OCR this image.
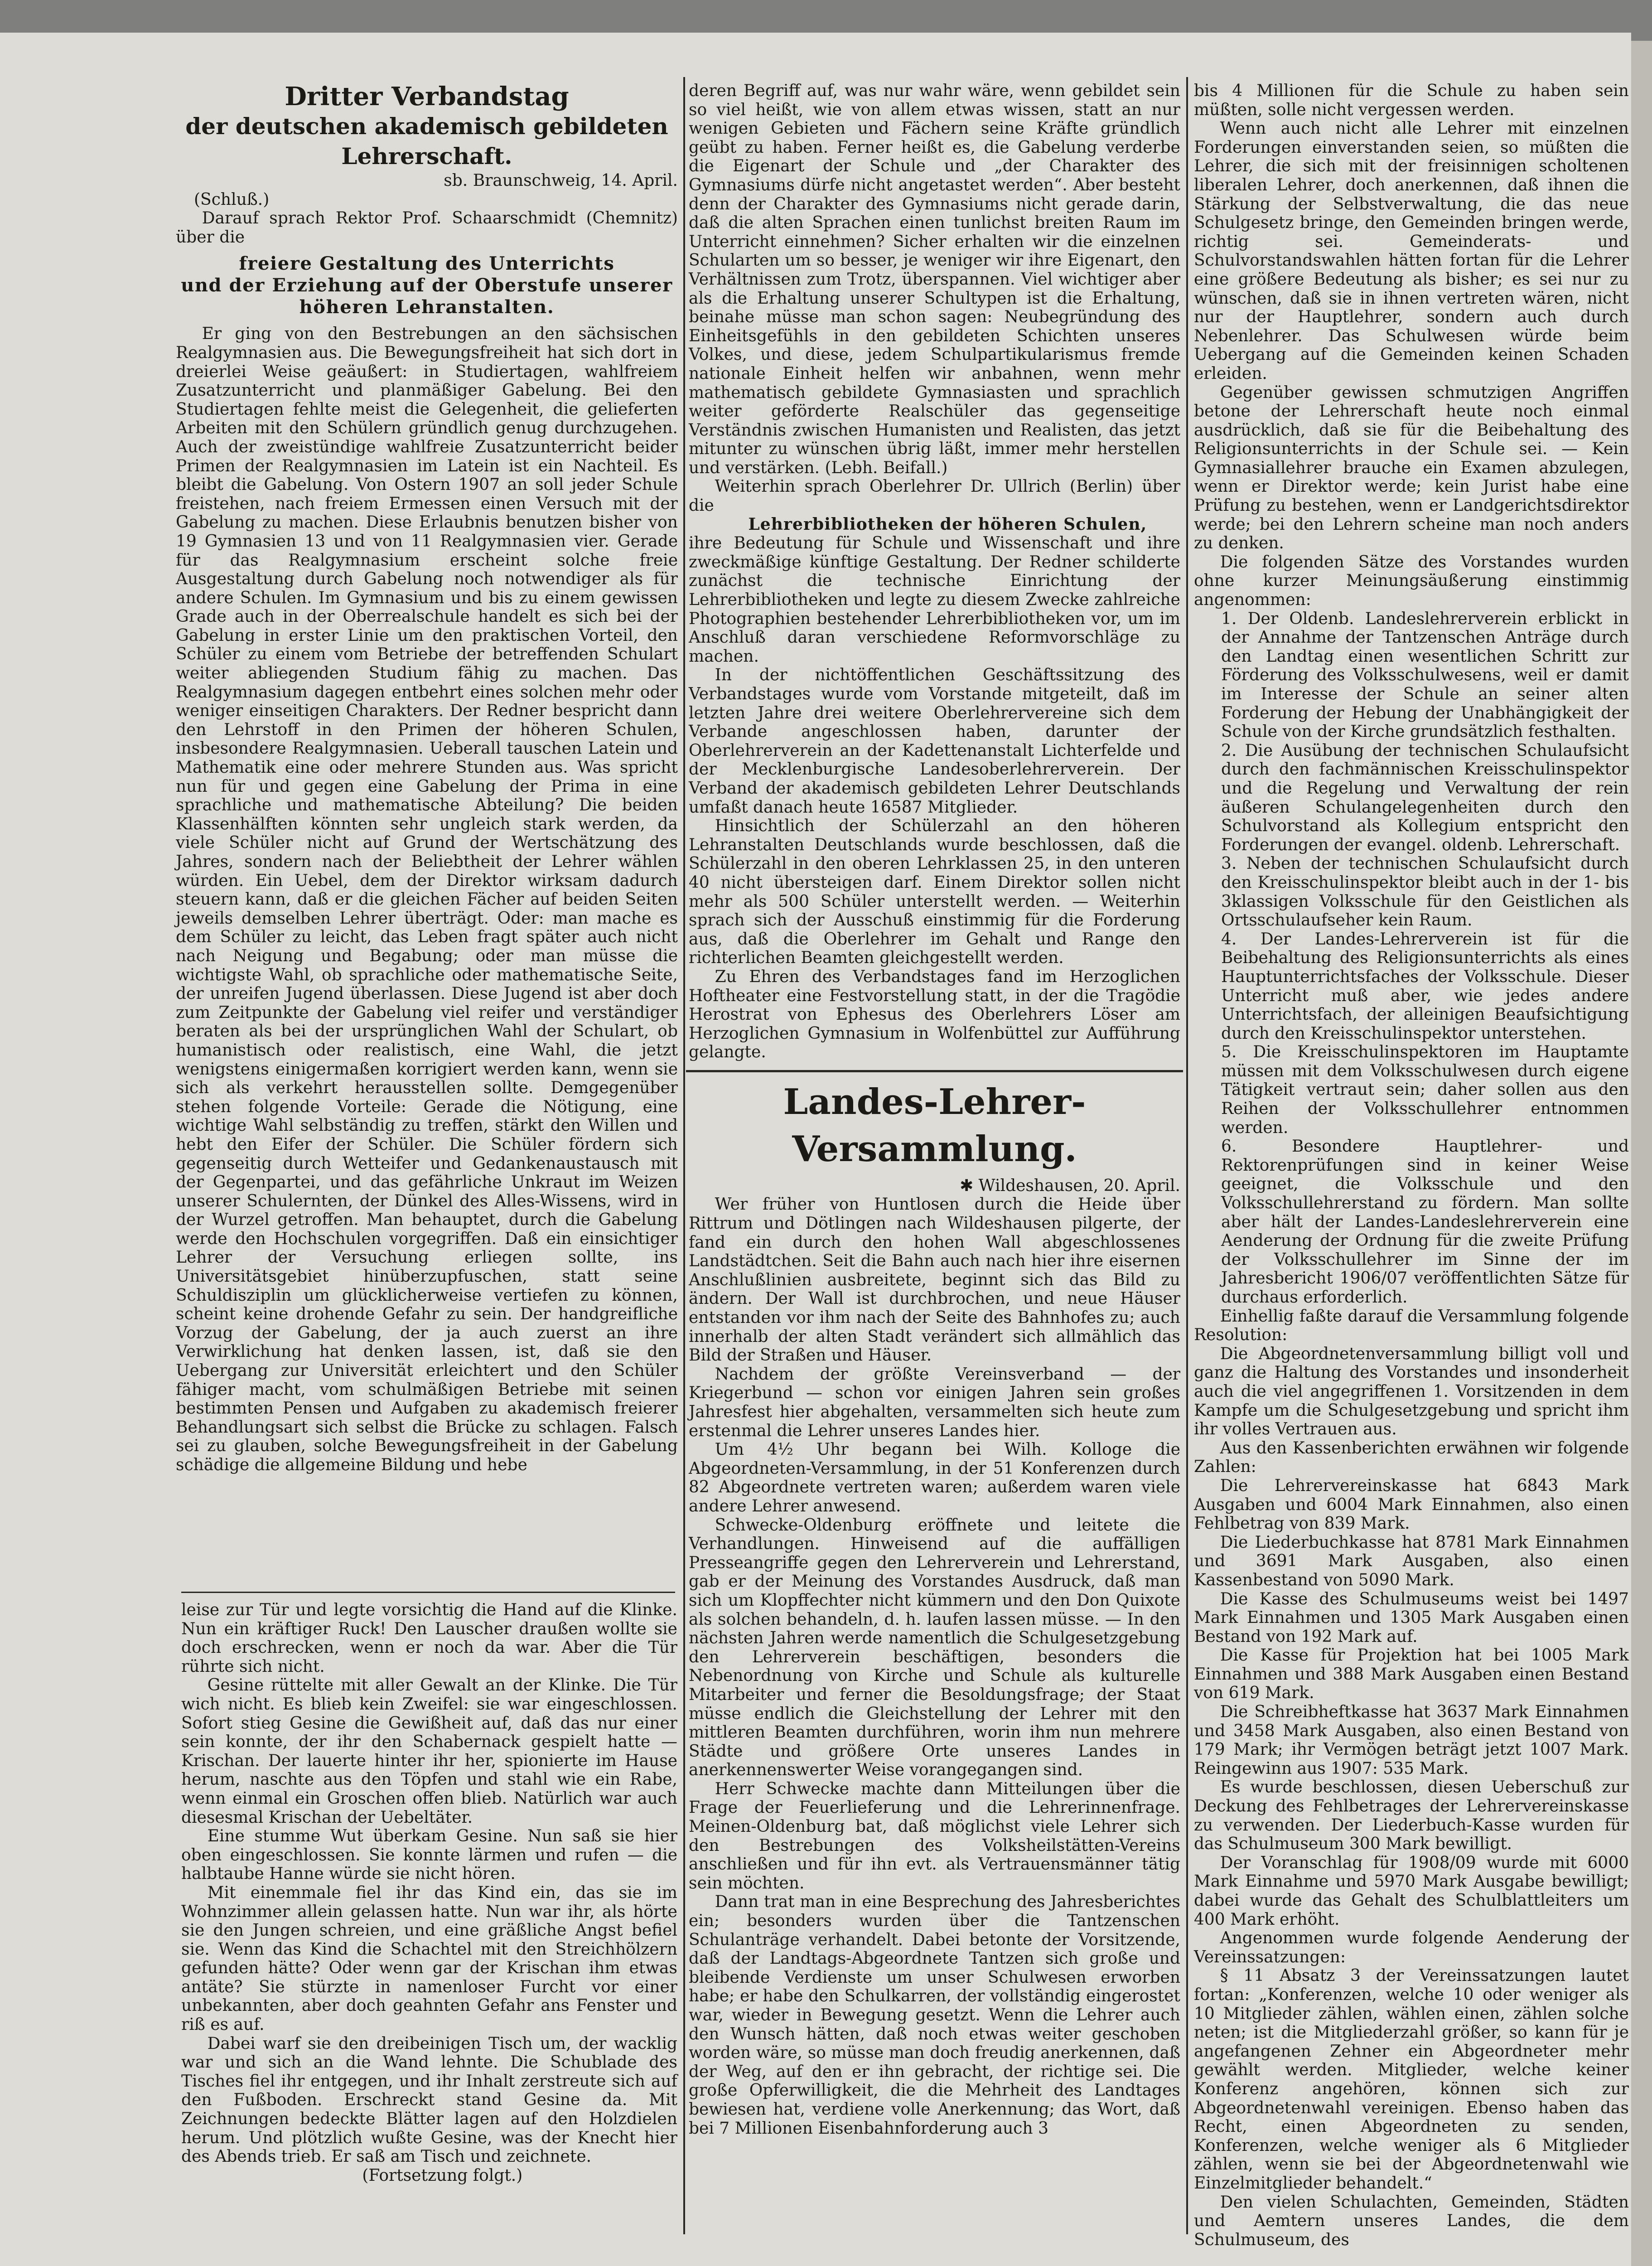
Dritter Verbandstag
der deutschen akademisch gebildeten Lehrerschaft.

sb. Braunschweig, 14. April.

(Schluß.)

Darauf sprach Rektor Prof. Schaarschmidt (Chemnitz) über die

freiere Gestaltung des Unterrichts
und der Erziehung auf der Oberstufe unserer
höheren Lehranstalten.

Er ging von den Bestrebungen an den sächsischen Realgymnasien aus. Die Bewegungsfreiheit hat sich dort in dreierlei Weise geäußert: in Studiertagen, wahlfreiem Zusatzunterricht und planmäßiger Gabelung. Bei den Studiertagen fehlte meist die Gelegenheit, die gelieferten Arbeiten mit den Schülern gründlich genug durchzugehen. Auch der zweistündige wahlfreie Zusatzunterricht beider Primen der Realgymnasien im Latein ist ein Nachteil. Es bleibt die Gabelung. Von Ostern 1907 an soll jeder Schule freistehen, nach freiem Ermessen einen Versuch mit der Gabelung zu machen. Diese Erlaubnis benutzen bisher von 19 Gymnasien 13 und von 11 Realgymnasien vier. Gerade für das Realgymnasium erscheint solche freie Ausgestaltung durch Gabelung noch notwendiger als für andere Schulen. Im Gymnasium und bis zu einem gewissen Grade auch in der Oberrealschule handelt es sich bei der Gabelung in erster Linie um den praktischen Vorteil, den Schüler zu einem vom Betriebe der betreffenden Schulart weiter abliegenden Studium fähig zu machen. Das Realgymnasium dagegen entbehrt eines solchen mehr oder weniger einseitigen Charakters. Der Redner bespricht dann den Lehrstoff in den Primen der höheren Schulen, insbesondere Realgymnasien. Ueberall tauschen Latein und Mathematik eine oder mehrere Stunden aus. Was spricht nun für und gegen eine Gabelung der Prima in eine sprachliche und mathematische Abteilung? Die beiden Klassenhälften könnten sehr ungleich stark werden, da viele Schüler nicht auf Grund der Wertschätzung des Jahres, sondern nach der Beliebtheit der Lehrer wählen würden. Ein Uebel, dem der Direktor wirksam dadurch steuern kann, daß er die gleichen Fächer auf beiden Seiten jeweils demselben Lehrer überträgt. Oder: man mache es dem Schüler zu leicht, das Leben fragt später auch nicht nach Neigung und Begabung; oder man müsse die wichtigste Wahl, ob sprachliche oder mathematische Seite, der unreifen Jugend überlassen. Diese Jugend ist aber doch zum Zeitpunkte der Gabelung viel reifer und verständiger beraten als bei der ursprünglichen Wahl der Schulart, ob humanistisch oder realistisch, eine Wahl, die jetzt wenigstens einigermaßen korrigiert werden kann, wenn sie sich als verkehrt herausstellen sollte. Demgegenüber stehen folgende Vorteile: Gerade die Nötigung, eine wichtige Wahl selbständig zu treffen, stärkt den Willen und hebt den Eifer der Schüler. Die Schüler fördern sich gegenseitig durch Wetteifer und Gedankenaustausch mit der Gegenpartei, und das gefährliche Unkraut im Weizen unserer Schulernten, der Dünkel des Alles-Wissens, wird in der Wurzel getroffen. Man behauptet, durch die Gabelung werde den Hochschulen vorgegriffen. Daß ein einsichtiger Lehrer der Versuchung erliegen sollte, ins Universitätsgebiet hinüberzupfuschen, statt seine Schuldisziplin um glücklicherweise vertiefen zu können, scheint keine drohende Gefahr zu sein. Der handgreifliche Vorzug der Gabelung, der ja auch zuerst an ihre Verwirklichung hat denken lassen, ist, daß sie den Uebergang zur Universität erleichtert und den Schüler fähiger macht, vom schulmäßigen Betriebe mit seinen bestimmten Pensen und Aufgaben zu akademisch freierer Behandlungsart sich selbst die Brücke zu schlagen. Falsch sei zu glauben, solche Bewegungsfreiheit in der Gabelung schädige die allgemeine Bildung und hebe

leise zur Tür und legte vorsichtig die Hand auf die Klinke. Nun ein kräftiger Ruck! Den Lauscher draußen wollte sie doch erschrecken, wenn er noch da war. Aber die Tür rührte sich nicht.

Gesine rüttelte mit aller Gewalt an der Klinke. Die Tür wich nicht. Es blieb kein Zweifel: sie war eingeschlossen. Sofort stieg Gesine die Gewißheit auf, daß das nur einer sein konnte, der ihr den Schabernack gespielt hatte — Krischan. Der lauerte hinter ihr her, spionierte im Hause herum, naschte aus den Töpfen und stahl wie ein Rabe, wenn einmal ein Groschen offen blieb. Natürlich war auch diesesmal Krischan der Uebeltäter.

Eine stumme Wut überkam Gesine. Nun saß sie hier oben eingeschlossen. Sie konnte lärmen und rufen — die halbtaube Hanne würde sie nicht hören.

Mit einemmale fiel ihr das Kind ein, das sie im Wohnzimmer allein gelassen hatte. Nun war ihr, als hörte sie den Jungen schreien, und eine gräßliche Angst befiel sie. Wenn das Kind die Schachtel mit den Streichhölzern gefunden hätte? Oder wenn gar der Krischan ihm etwas antäte? Sie stürzte in namenloser Furcht vor einer unbekannten, aber doch geahnten Gefahr ans Fenster und riß es auf.

Dabei warf sie den dreibeinigen Tisch um, der wacklig war und sich an die Wand lehnte. Die Schublade des Tisches fiel ihr entgegen, und ihr Inhalt zerstreute sich auf den Fußboden. Erschreckt stand Gesine da. Mit Zeichnungen bedeckte Blätter lagen auf den Holzdielen herum. Und plötzlich wußte Gesine, was der Knecht hier des Abends trieb. Er saß am Tisch und zeichnete.

(Fortsetzung folgt.)

deren Begriff auf, was nur wahr wäre, wenn gebildet sein so viel heißt, wie von allem etwas wissen, statt an nur wenigen Gebieten und Fächern seine Kräfte gründlich geübt zu haben. Ferner heißt es, die Gabelung verderbe die Eigenart der Schule und „der Charakter des Gymnasiums dürfe nicht angetastet werden“. Aber besteht denn der Charakter des Gymnasiums nicht gerade darin, daß die alten Sprachen einen tunlichst breiten Raum im Unterricht einnehmen? Sicher erhalten wir die einzelnen Schularten um so besser, je weniger wir ihre Eigenart, den Verhältnissen zum Trotz, überspannen. Viel wichtiger aber als die Erhaltung unserer Schultypen ist die Erhaltung, beinahe müsse man schon sagen: Neubegründung des Einheitsgefühls in den gebildeten Schichten unseres Volkes, und diese, jedem Schulpartikularismus fremde nationale Einheit helfen wir anbahnen, wenn mehr mathematisch gebildete Gymnasiasten und sprachlich weiter geförderte Realschüler das gegenseitige Verständnis zwischen Humanisten und Realisten, das jetzt mitunter zu wünschen übrig läßt, immer mehr herstellen und verstärken. (Lebh. Beifall.)

Weiterhin sprach Oberlehrer Dr. Ullrich (Berlin) über die

Lehrerbibliotheken der höheren Schulen,

ihre Bedeutung für Schule und Wissenschaft und ihre zweckmäßige künftige Gestaltung. Der Redner schilderte zunächst die technische Einrichtung der Lehrerbibliotheken und legte zu diesem Zwecke zahlreiche Photographien bestehender Lehrerbibliotheken vor, um im Anschluß daran verschiedene Reformvorschläge zu machen.

In der nichtöffentlichen Geschäftssitzung des Verbandstages wurde vom Vorstande mitgeteilt, daß im letzten Jahre drei weitere Oberlehrervereine sich dem Verbande angeschlossen haben, darunter der Oberlehrerverein an der Kadettenanstalt Lichterfelde und der Mecklenburgische Landesoberlehrerverein. Der Verband der akademisch gebildeten Lehrer Deutschlands umfaßt danach heute 16587 Mitglieder.

Hinsichtlich der Schülerzahl an den höheren Lehranstalten Deutschlands wurde beschlossen, daß die Schülerzahl in den oberen Lehrklassen 25, in den unteren 40 nicht übersteigen darf. Einem Direktor sollen nicht mehr als 500 Schüler unterstellt werden. — Weiterhin sprach sich der Ausschuß einstimmig für die Forderung aus, daß die Oberlehrer im Gehalt und Range den richterlichen Beamten gleichgestellt werden.

Zu Ehren des Verbandstages fand im Herzoglichen Hoftheater eine Festvorstellung statt, in der die Tragödie Herostrat von Ephesus des Oberlehrers Löser am Herzoglichen Gymnasium in Wolfenbüttel zur Aufführung gelangte.

Landes-Lehrer-Versammlung.

✱ Wildeshausen, 20. April.

Wer früher von Huntlosen durch die Heide über Rittrum und Dötlingen nach Wildeshausen pilgerte, der fand ein durch den hohen Wall abgeschlossenes Landstädtchen. Seit die Bahn auch nach hier ihre eisernen Anschlußlinien ausbreitete, beginnt sich das Bild zu ändern. Der Wall ist durchbrochen, und neue Häuser entstanden vor ihm nach der Seite des Bahnhofes zu; auch innerhalb der alten Stadt verändert sich allmählich das Bild der Straßen und Häuser.

Nachdem der größte Vereinsverband — der Kriegerbund — schon vor einigen Jahren sein großes Jahresfest hier abgehalten, versammelten sich heute zum erstenmal die Lehrer unseres Landes hier.

Um 4½ Uhr begann bei Wilh. Kolloge die Abgeordneten-Versammlung, in der 51 Konferenzen durch 82 Abgeordnete vertreten waren; außerdem waren viele andere Lehrer anwesend.

Schwecke-Oldenburg eröffnete und leitete die Verhandlungen. Hinweisend auf die auffälligen Presseangriffe gegen den Lehrerverein und Lehrerstand, gab er der Meinung des Vorstandes Ausdruck, daß man sich um Klopffechter nicht kümmern und den Don Quixote als solchen behandeln, d. h. laufen lassen müsse. — In den nächsten Jahren werde namentlich die Schulgesetzgebung den Lehrerverein beschäftigen, besonders die Nebenordnung von Kirche und Schule als kulturelle Mitarbeiter und ferner die Besoldungsfrage; der Staat müsse endlich die Gleichstellung der Lehrer mit den mittleren Beamten durchführen, worin ihm nun mehrere Städte und größere Orte unseres Landes in anerkennenswerter Weise vorangegangen sind.

Herr Schwecke machte dann Mitteilungen über die Frage der Feuerlieferung und die Lehrerinnenfrage. Meinen-Oldenburg bat, daß möglichst viele Lehrer sich den Bestrebungen des Volksheilstätten-Vereins anschließen und für ihn evt. als Vertrauensmänner tätig sein möchten.

Dann trat man in eine Besprechung des Jahresberichtes ein; besonders wurden über die Tantzenschen Schulanträge verhandelt. Dabei betonte der Vorsitzende, daß der Landtags-Abgeordnete Tantzen sich große und bleibende Verdienste um unser Schulwesen erworben habe; er habe den Schulkarren, der vollständig eingerostet war, wieder in Bewegung gesetzt. Wenn die Lehrer auch den Wunsch hätten, daß noch etwas weiter geschoben worden wäre, so müsse man doch freudig anerkennen, daß der Weg, auf den er ihn gebracht, der richtige sei. Die große Opferwilligkeit, die die Mehrheit des Landtages bewiesen hat, verdiene volle Anerkennung; das Wort, daß bei 7 Millionen Eisenbahnforderung auch 3

bis 4 Millionen für die Schule zu haben sein müßten, solle nicht vergessen werden.

Wenn auch nicht alle Lehrer mit einzelnen Forderungen einverstanden seien, so müßten die Lehrer, die sich mit der freisinnigen scholtenen liberalen Lehrer, doch anerkennen, daß ihnen die Stärkung der Selbstverwaltung, die das neue Schulgesetz bringe, den Gemeinden bringen werde, richtig sei. Gemeinderats- und Schulvorstandswahlen hätten fortan für die Lehrer eine größere Bedeutung als bisher; es sei nur zu wünschen, daß sie in ihnen vertreten wären, nicht nur der Hauptlehrer, sondern auch durch Nebenlehrer. Das Schulwesen würde beim Uebergang auf die Gemeinden keinen Schaden erleiden.

Gegenüber gewissen schmutzigen Angriffen betone der Lehrerschaft heute noch einmal ausdrücklich, daß sie für die Beibehaltung des Religionsunterrichts in der Schule sei. — Kein Gymnasiallehrer brauche ein Examen abzulegen, wenn er Direktor werde; kein Jurist habe eine Prüfung zu bestehen, wenn er Landgerichtsdirektor werde; bei den Lehrern scheine man noch anders zu denken.

Die folgenden Sätze des Vorstandes wurden ohne kurzer Meinungsäußerung einstimmig angenommen:

1. Der Oldenb. Landeslehrerverein erblickt in der Annahme der Tantzenschen Anträge durch den Landtag einen wesentlichen Schritt zur Förderung des Volksschulwesens, weil er damit im Interesse der Schule an seiner alten Forderung der Hebung der Unabhängigkeit der Schule von der Kirche grundsätzlich festhalten.

2. Die Ausübung der technischen Schulaufsicht durch den fachmännischen Kreisschulinspektor und die Regelung und Verwaltung der rein äußeren Schulangelegenheiten durch den Schulvorstand als Kollegium entspricht den Forderungen der evangel. oldenb. Lehrerschaft.

3. Neben der technischen Schulaufsicht durch den Kreisschulinspektor bleibt auch in der 1- bis 3klassigen Volksschule für den Geistlichen als Ortsschulaufseher kein Raum.

4. Der Landes-Lehrerverein ist für die Beibehaltung des Religionsunterrichts als eines Hauptunterrichtsfaches der Volksschule. Dieser Unterricht muß aber, wie jedes andere Unterrichtsfach, der alleinigen Beaufsichtigung durch den Kreisschulinspektor unterstehen.

5. Die Kreisschulinspektoren im Hauptamte müssen mit dem Volksschulwesen durch eigene Tätigkeit vertraut sein; daher sollen aus den Reihen der Volksschullehrer entnommen werden.

6. Besondere Hauptlehrer- und Rektorenprüfungen sind in keiner Weise geeignet, die Volksschule und den Volksschullehrerstand zu fördern. Man sollte aber hält der Landes-Landeslehrerverein eine Aenderung der Ordnung für die zweite Prüfung der Volksschullehrer im Sinne der im Jahresbericht 1906/07 veröffentlichten Sätze für durchaus erforderlich.

Einhellig faßte darauf die Versammlung folgende Resolution:

Die Abgeordnetenversammlung billigt voll und ganz die Haltung des Vorstandes und insonderheit auch die viel angegriffenen 1. Vorsitzenden in dem Kampfe um die Schulgesetzgebung und spricht ihm ihr volles Vertrauen aus.

Aus den Kassenberichten erwähnen wir folgende Zahlen:

Die Lehrervereinskasse hat 6843 Mark Ausgaben und 6004 Mark Einnahmen, also einen Fehlbetrag von 839 Mark.

Die Liederbuchkasse hat 8781 Mark Einnahmen und 3691 Mark Ausgaben, also einen Kassenbestand von 5090 Mark.

Die Kasse des Schulmuseums weist bei 1497 Mark Einnahmen und 1305 Mark Ausgaben einen Bestand von 192 Mark auf.

Die Kasse für Projektion hat bei 1005 Mark Einnahmen und 388 Mark Ausgaben einen Bestand von 619 Mark.

Die Schreibheftkasse hat 3637 Mark Einnahmen und 3458 Mark Ausgaben, also einen Bestand von 179 Mark; ihr Vermögen beträgt jetzt 1007 Mark. Reingewinn aus 1907: 535 Mark.

Es wurde beschlossen, diesen Ueberschuß zur Deckung des Fehlbetrages der Lehrervereinskasse zu verwenden. Der Liederbuch-Kasse wurden für das Schulmuseum 300 Mark bewilligt.

Der Voranschlag für 1908/09 wurde mit 6000 Mark Einnahme und 5970 Mark Ausgabe bewilligt; dabei wurde das Gehalt des Schulblattleiters um 400 Mark erhöht.

Angenommen wurde folgende Aenderung der Vereinssatzungen:

§ 11 Absatz 3 der Vereinssatzungen lautet fortan: „Konferenzen, welche 10 oder weniger als 10 Mitglieder zählen, wählen einen, zählen solche neten; ist die Mitgliederzahl größer, so kann für je angefangenen Zehner ein Abgeordneter mehr gewählt werden. Mitglieder, welche keiner Konferenz angehören, können sich zur Abgeordnetenwahl vereinigen. Ebenso haben das Recht, einen Abgeordneten zu senden, Konferenzen, welche weniger als 6 Mitglieder zählen, wenn sie bei der Abgeordnetenwahl wie Einzelmitglieder behandelt.“

Den vielen Schulachten, Gemeinden, Städten und Aemtern unseres Landes, die dem Schulmuseum, des
